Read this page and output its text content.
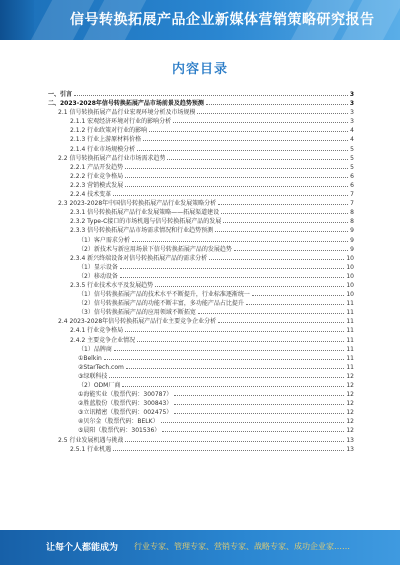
信号转换拓展产品企业新媒体营销策略研究报告
内容目录
一、引言	3
二、2023-2028年信号转换拓展产品市场前景及趋势预测	3
2.1 信号转换拓展产品行业宏观环境分析及市场规模	3
2.1.1 宏观经济环境对行业的影响分析	3
2.1.2 行业政策对行业的影响	4
2.1.3 行业上游原材料价格	4
2.1.4 行业市场规模分析	5
2.2 信号转换拓展产品行业市场需求趋势	5
2.2.1 产品开发趋势	5
2.2.2 行业竞争格局	6
2.2.3 营销模式发展	6
2.2.4 技术变革	7
2.3 2023-2028年中国信号转换拓展产品行业发展策略分析	7
2.3.1 信号转换拓展产品行业发展策略——拓展渠道建设	8
2.3.2 Type-C接口的市场机遇与信号转换拓展产品的发展	8
2.3.3 信号转换拓展产品市场需求情况和行业趋势预测	9
（1）客户需求分析	9
（2）新技术与新应用场景下信号转换拓展产品的发展趋势	9
2.3.4 新兴终端设备对信号转换拓展产品的需求分析	10
（1）显示设备	10
（2）移动设备	10
2.3.5 行业技术水平及发展趋势	10
（1）信号转换拓展产品的技术水平不断提升，行业标准逐渐统一	10
（2）信号转换拓展产品的功能不断丰富，多功能产品占比提升	11
（3）信号转换拓展产品的应用领域不断拓宽	11
2.4 2023-2028年信号转换拓展产品行业主要竞争企业分析	11
2.4.1 行业竞争格局	11
2.4.2 主要竞争企业情况	11
（1）品牌商	11
①Belkin	11
②StarTech.com	11
③绿联科技	12
（2）ODM厂商	12
①海能实业（股票代码：300787）	12
②胜蓝股份（股票代码：300843）	12
③立讯精密（股票代码：002475）	12
④贝尔金（股票代码：BELK）	12
⑤晨阳（股票代码：301536）	12
2.5 行业发展机遇与挑战	13
2.5.1 行业机遇	13
让每个人都能成为 行业专家、管理专家、营销专家、战略专家、成功企业家……
